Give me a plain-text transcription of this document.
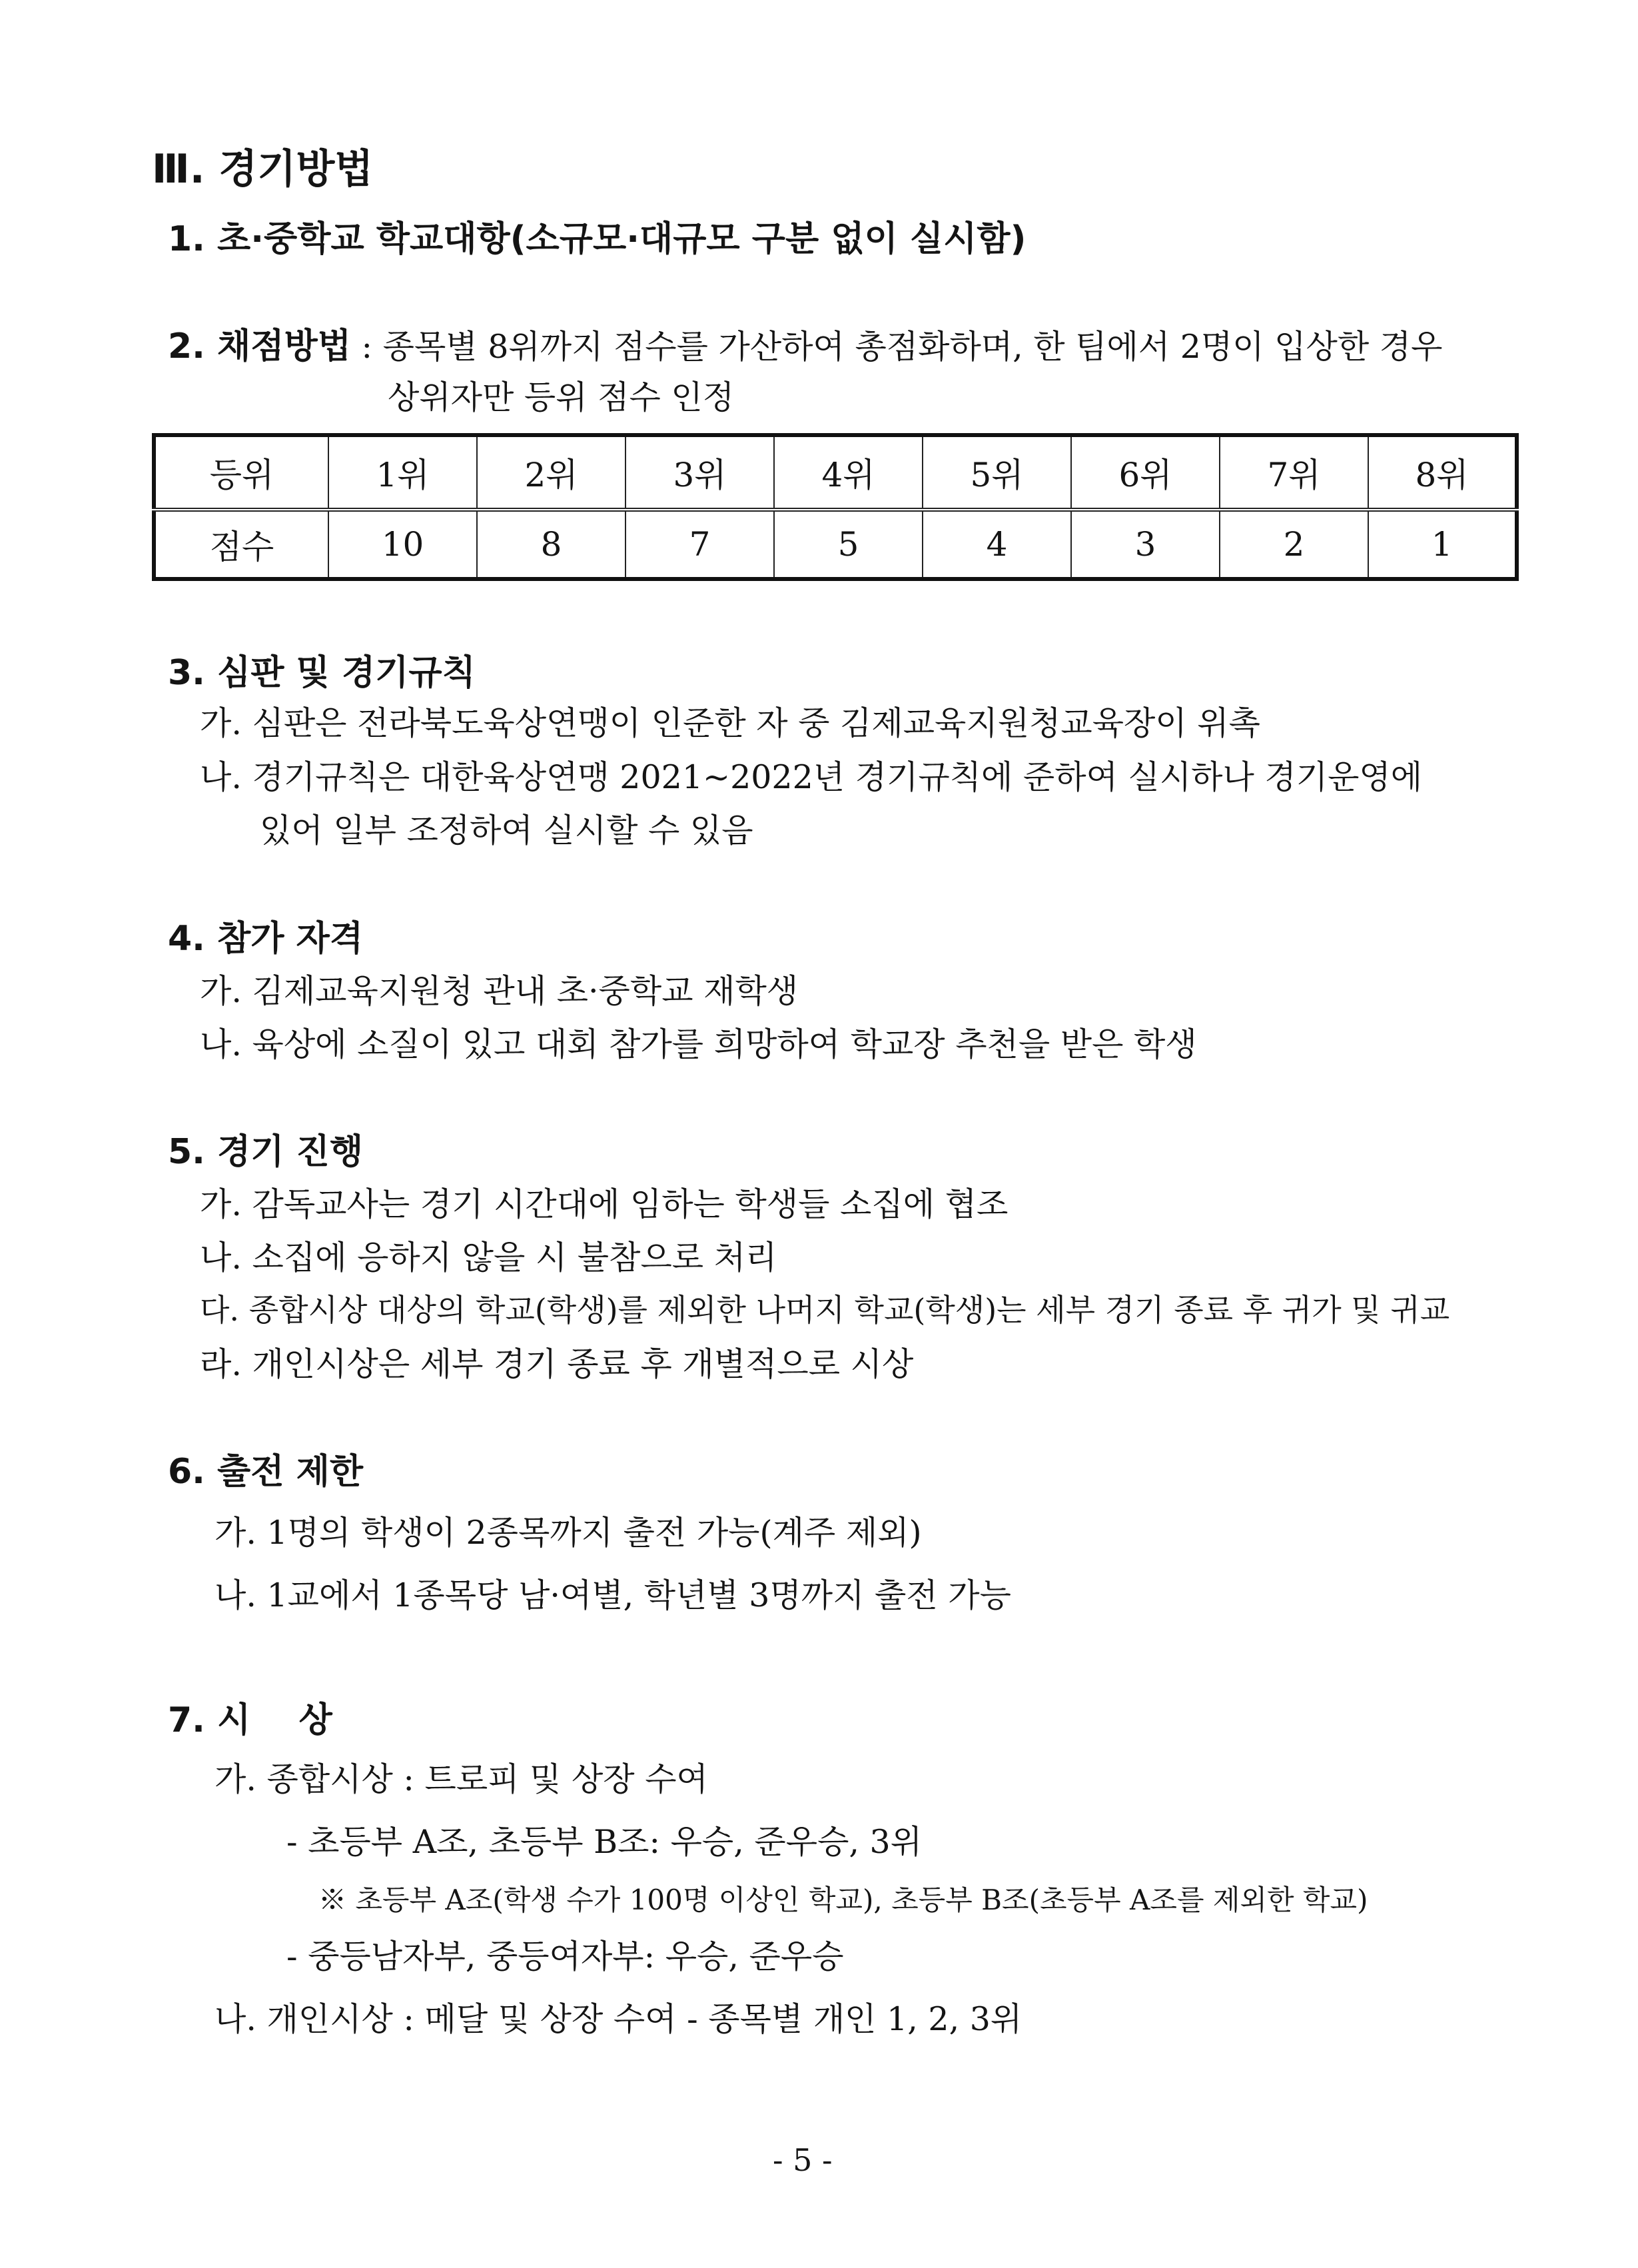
Ⅲ. 경기방법
1. 초·중학교 학교대항(소규모·대규모 구분 없이 실시함)
2. 채점방법 : 종목별 8위까지 점수를 가산하여 총점화하며, 한 팀에서 2명이 입상한 경우
상위자만 등위 점수 인정
등위	1위	2위	3위	4위	5위	6위	7위	8위
점수	10	8	7	5	4	3	2	1
3. 심판 및 경기규칙
가. 심판은 전라북도육상연맹이 인준한 자 중 김제교육지원청교육장이 위촉
나. 경기규칙은 대한육상연맹 2021~2022년 경기규칙에 준하여 실시하나 경기운영에
있어 일부 조정하여 실시할 수 있음
4. 참가 자격
가. 김제교육지원청 관내 초·중학교 재학생
나. 육상에 소질이 있고 대회 참가를 희망하여 학교장 추천을 받은 학생
5. 경기 진행
가. 감독교사는 경기 시간대에 임하는 학생들 소집에 협조
나. 소집에 응하지 않을 시 불참으로 처리
다. 종합시상 대상의 학교(학생)를 제외한 나머지 학교(학생)는 세부 경기 종료 후 귀가 및 귀교
라. 개인시상은 세부 경기 종료 후 개별적으로 시상
6. 출전 제한
가. 1명의 학생이 2종목까지 출전 가능(계주 제외)
나. 1교에서 1종목당 남·여별, 학년별 3명까지 출전 가능
7. 시    상
가. 종합시상 : 트로피 및 상장 수여
- 초등부 A조, 초등부 B조: 우승, 준우승, 3위
※ 초등부 A조(학생 수가 100명 이상인 학교), 초등부 B조(초등부 A조를 제외한 학교)
- 중등남자부, 중등여자부: 우승, 준우승
나. 개인시상 : 메달 및 상장 수여 - 종목별 개인 1, 2, 3위
- 5 -
